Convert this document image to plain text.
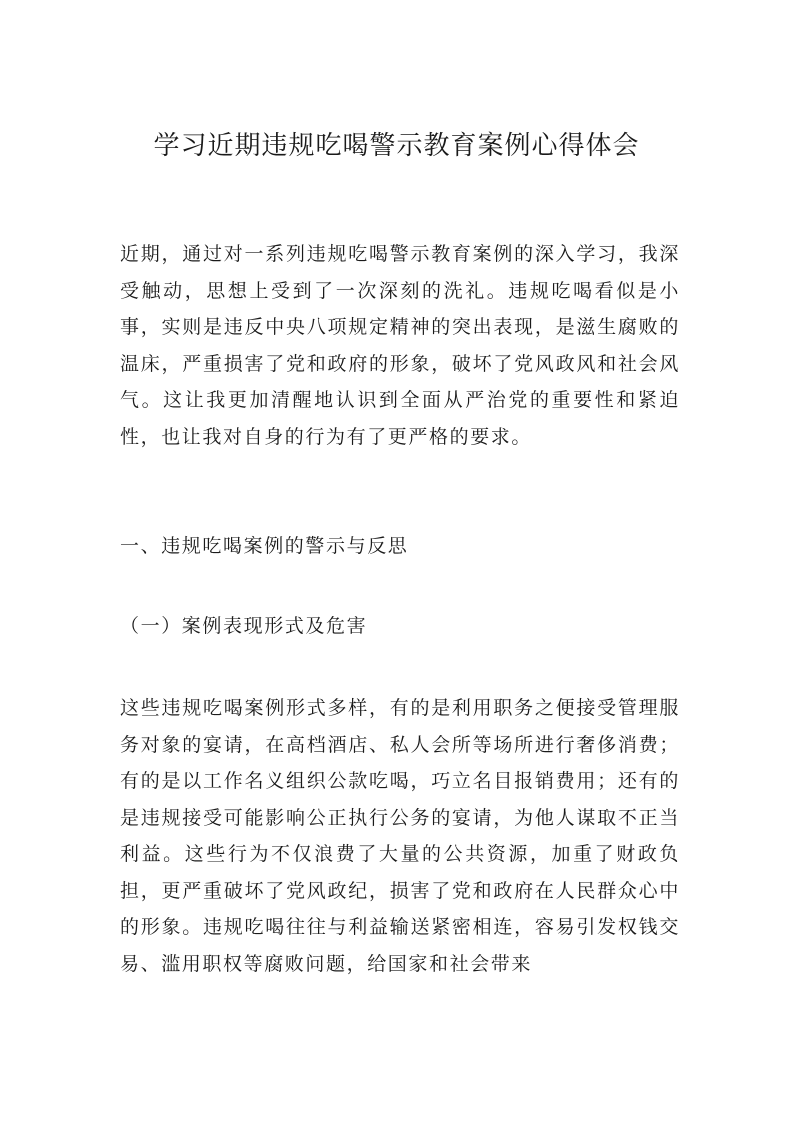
学习近期违规吃喝警示教育案例心得体会

近期，通过对一系列违规吃喝警示教育案例的深入学习，我深受触动，思想上受到了一次深刻的洗礼。违规吃喝看似是小事，实则是违反中央八项规定精神的突出表现，是滋生腐败的温床，严重损害了党和政府的形象，破坏了党风政风和社会风气。这让我更加清醒地认识到全面从严治党的重要性和紧迫性，也让我对自身的行为有了更严格的要求。

一、违规吃喝案例的警示与反思

（一）案例表现形式及危害

这些违规吃喝案例形式多样，有的是利用职务之便接受管理服务对象的宴请，在高档酒店、私人会所等场所进行奢侈消费；有的是以工作名义组织公款吃喝，巧立名目报销费用；还有的是违规接受可能影响公正执行公务的宴请，为他人谋取不正当利益。这些行为不仅浪费了大量的公共资源，加重了财政负担，更严重破坏了党风政纪，损害了党和政府在人民群众心中的形象。违规吃喝往往与利益输送紧密相连，容易引发权钱交易、滥用职权等腐败问题，给国家和社会带来
